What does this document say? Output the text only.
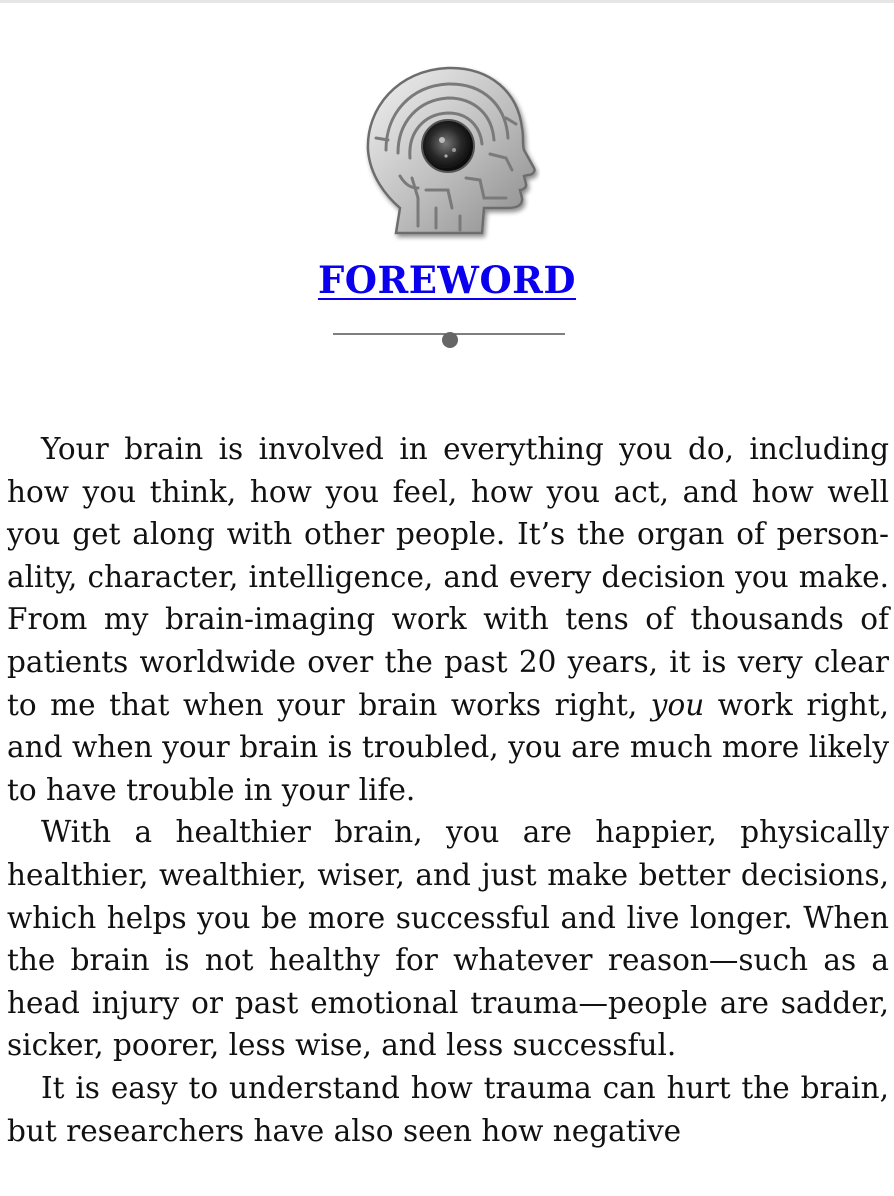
FOREWORD

Your brain is involved in everything you do, including how you think, how you feel, how you act, and how well you get along with other people. It’s the organ of personality, character, intelligence, and every decision you make. From my brain-imaging work with tens of thousands of patients worldwide over the past 20 years, it is very clear to me that when your brain works right, you work right, and when your brain is troubled, you are much more likely to have trouble in your life.

With a healthier brain, you are happier, physically healthier, wealthier, wiser, and just make better decisions, which helps you be more successful and live longer. When the brain is not healthy for whatever reason—such as a head injury or past emotional trauma—people are sadder, sicker, poorer, less wise, and less successful.

It is easy to understand how trauma can hurt the brain, but researchers have also seen how negative
